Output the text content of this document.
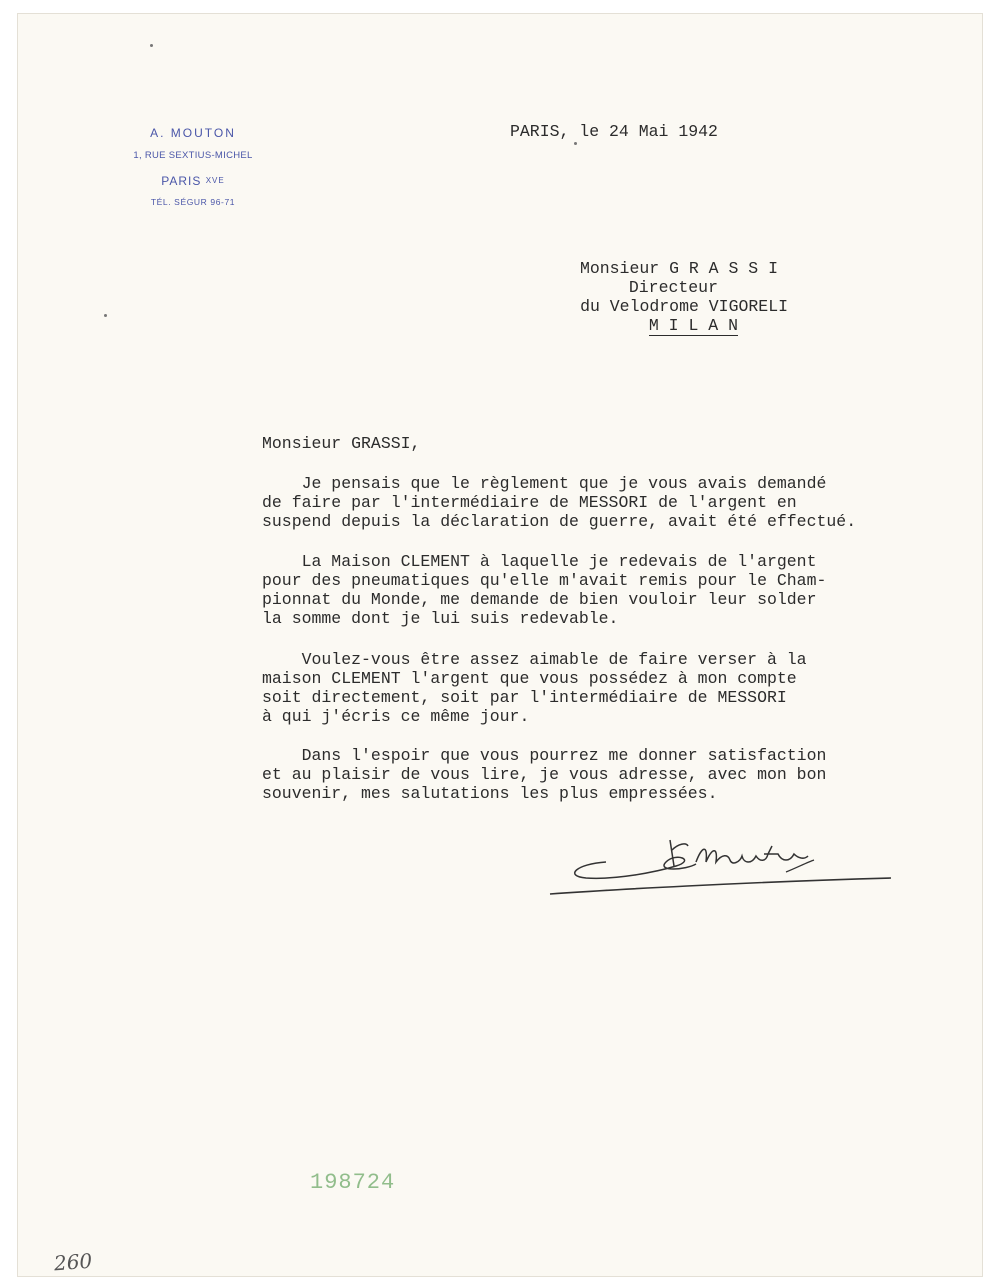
A. MOUTON
1, RUE SEXTIUS-MICHEL
PARIS $^{XVE}$
TÉL. SÉGUR 96-71
PARIS, le 24 Mai 1942
Monsieur G R A S S I
Directeur
du Velodrome VIGORELI
M I L A N
Monsieur GRASSI,
Je pensais que le règlement que je vous avais demandé
de faire par l'intermédiaire de MESSORI de l'argent en
suspend depuis la déclaration de guerre, avait été effectué.
La Maison CLEMENT à laquelle je redevais de l'argent
pour des pneumatiques qu'elle m'avait remis pour le Cham-
pionnat du Monde, me demande de bien vouloir leur solder
la somme dont je lui suis redevable.
Voulez-vous être assez aimable de faire verser à la
maison CLEMENT l'argent que vous possédez à mon compte
soit directement, soit par l'intermédiaire de MESSORI
à qui j'écris ce même jour.
Dans l'espoir que vous pourrez me donner satisfaction
et au plaisir de vous lire, je vous adresse, avec mon bon
souvenir, mes salutations les plus empressées.
198724
260
